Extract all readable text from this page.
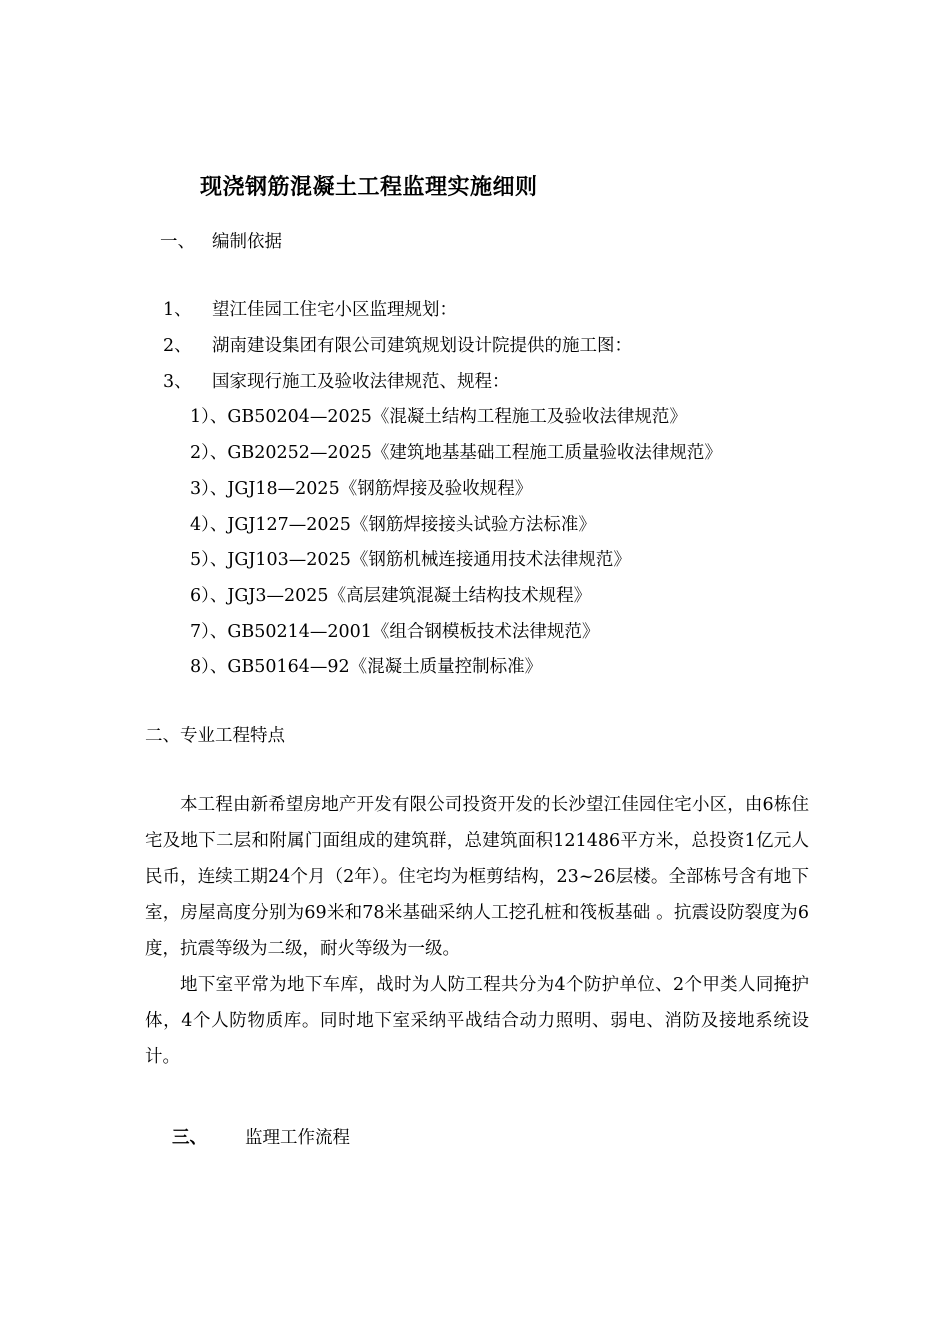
现浇钢筋混凝土工程监理实施细则
一、 编制依据
1、 望江佳园工住宅小区监理规划：
2、 湖南建设集团有限公司建筑规划设计院提供的施工图：
3、 国家现行施工及验收法律规范、规程：
1）、GB50204—2025《混凝土结构工程施工及验收法律规范》
2）、GB20252—2025《建筑地基基础工程施工质量验收法律规范》
3）、JGJ18—2025《钢筋焊接及验收规程》
4）、JGJ127—2025《钢筋焊接接头试验方法标准》
5）、JGJ103—2025《钢筋机械连接通用技术法律规范》
6）、JGJ3—2025《高层建筑混凝土结构技术规程》
7）、GB50214—2001《组合钢模板技术法律规范》
8）、GB50164—92《混凝土质量控制标准》
二、专业工程特点

本工程由新希望房地产开发有限公司投资开发的长沙望江佳园住宅小区，由6栋住宅及地下二层和附属门面组成的建筑群，总建筑面积121486平方米，总投资1亿元人民币，连续工期24个月（2年）。住宅均为框剪结构，23~26层楼。全部栋号含有地下室，房屋高度分别为69米和78米基础采纳人工挖孔桩和筏板基础 。抗震设防裂度为6度，抗震等级为二级，耐火等级为一级。

地下室平常为地下车库，战时为人防工程共分为4个防护单位、2个甲类人同掩护体，4个人防物质库。同时地下室采纳平战结合动力照明、弱电、消防及接地系统设计。

三、 监理工作流程
